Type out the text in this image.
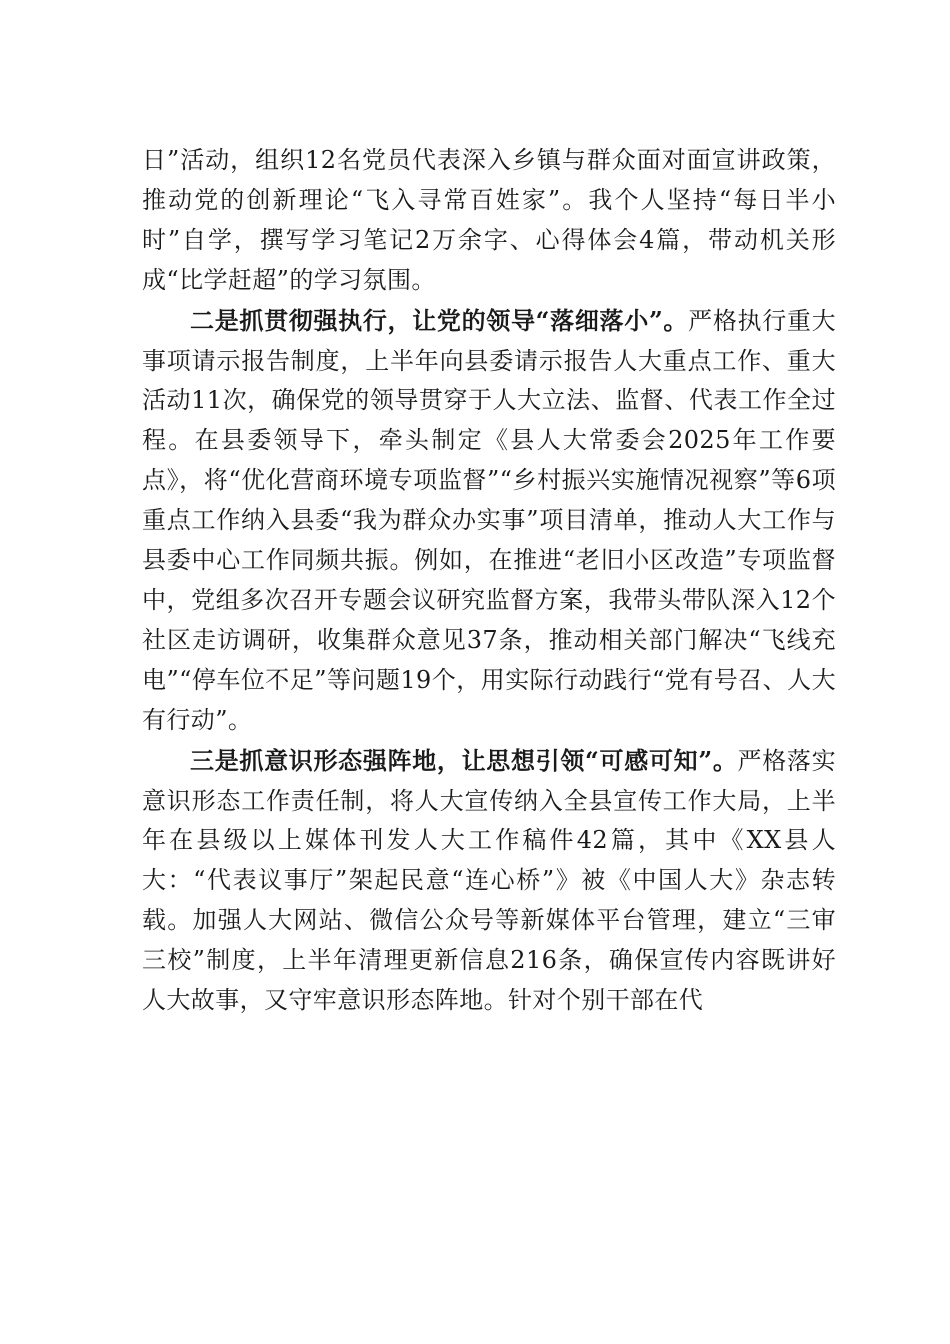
日”活动，组织12名党员代表深入乡镇与群众面对面宣讲政策，推动党的创新理论“飞入寻常百姓家”。我个人坚持“每日半小时”自学，撰写学习笔记2万余字、心得体会4篇，带动机关形成“比学赶超”的学习氛围。

二是抓贯彻强执行，让党的领导“落细落小”。严格执行重大事项请示报告制度，上半年向县委请示报告人大重点工作、重大活动11次，确保党的领导贯穿于人大立法、监督、代表工作全过程。在县委领导下，牵头制定《县人大常委会2025年工作要点》，将“优化营商环境专项监督”“乡村振兴实施情况视察”等6项重点工作纳入县委“我为群众办实事”项目清单，推动人大工作与县委中心工作同频共振。例如，在推进“老旧小区改造”专项监督中，党组多次召开专题会议研究监督方案，我带头带队深入12个社区走访调研，收集群众意见37条，推动相关部门解决“飞线充电”“停车位不足”等问题19个，用实际行动践行“党有号召、人大有行动”。

三是抓意识形态强阵地，让思想引领“可感可知”。严格落实意识形态工作责任制，将人大宣传纳入全县宣传工作大局，上半年在县级以上媒体刊发人大工作稿件42篇，其中《XX县人大：“代表议事厅”架起民意“连心桥”》被《中国人大》杂志转载。加强人大网站、微信公众号等新媒体平台管理，建立“三审三校”制度，上半年清理更新信息216条，确保宣传内容既讲好人大故事，又守牢意识形态阵地。针对个别干部在代
